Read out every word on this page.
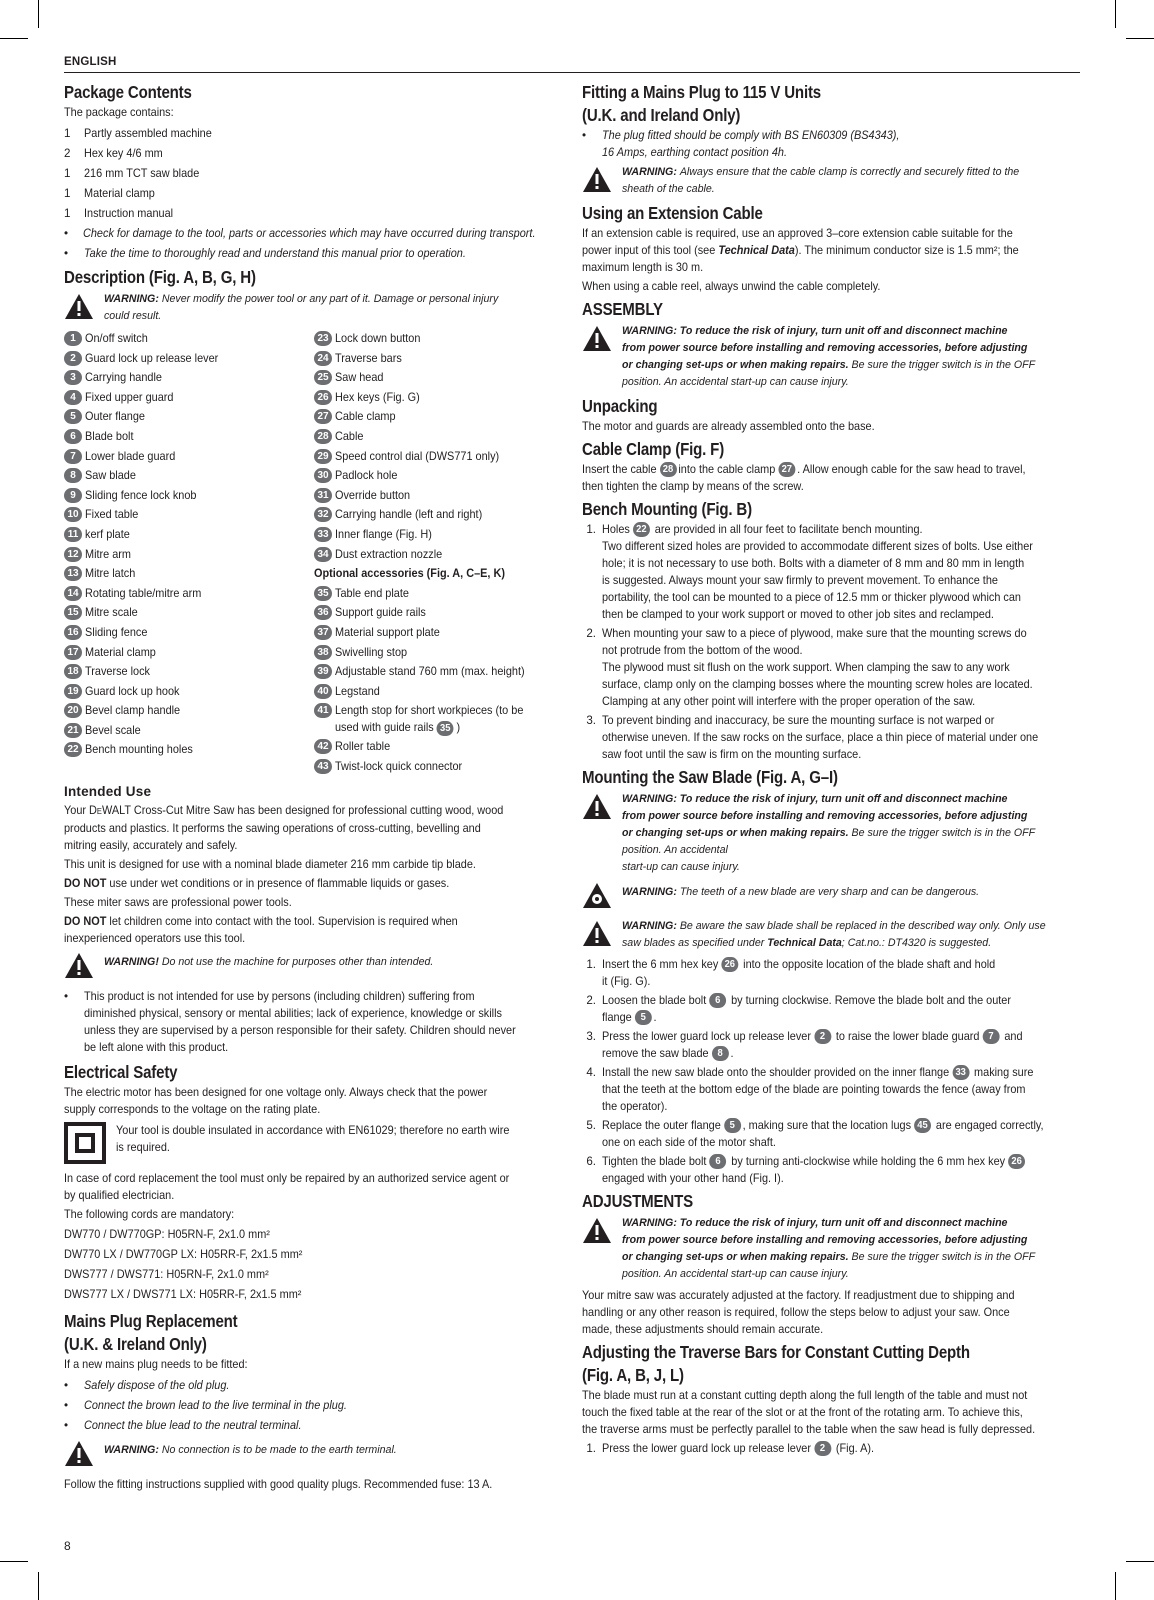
ENGLISH
Package Contents

The package contains:

1	Partly assembled machine
2	Hex key 4/6 mm
1	216 mm TCT saw blade
1	Material clamp
1	Instruction manual
•	Check for damage to the tool, parts or accessories which may have occurred during transport.
•	Take the time to thoroughly read and understand this manual prior to operation.
Description (Fig. A, B, G, H)
WARNING: Never modify the power tool or any part of it. Damage or personal injury
could result.
1 On/off switch
2 Guard lock up release lever
3 Carrying handle
4 Fixed upper guard
5 Outer flange
6 Blade bolt
7 Lower blade guard
8 Saw blade
9 Sliding fence lock knob
10 Fixed table
11 kerf plate
12 Mitre arm
13 Mitre latch
14 Rotating table/mitre arm
15 Mitre scale
16 Sliding fence
17 Material clamp
18 Traverse lock
19 Guard lock up hook
20 Bevel clamp handle
21 Bevel scale
22 Bench mounting holes
23 Lock down button
24 Traverse bars
25 Saw head
26 Hex keys (Fig. G)
27 Cable clamp
28 Cable
29 Speed control dial (DWS771 only)
30 Padlock hole
31 Override button
32 Carrying handle (left and right)
33 Inner flange (Fig. H)
34 Dust extraction nozzle
Optional accessories (Fig. A, C–E, K)
35 Table end plate
36 Support guide rails
37 Material support plate
38 Swivelling stop
39 Adjustable stand 760 mm (max. height)
40 Legstand
41 Length stop for short workpieces (to be
used with guide rails 35 )
42 Roller table
43 Twist-lock quick connector
Intended Use

Your DEWALT Cross-Cut Mitre Saw has been designed for professional cutting wood, wood
products and plastics. It performs the sawing operations of cross-cutting, bevelling and
mitring easily, accurately and safely.

This unit is designed for use with a nominal blade diameter 216 mm carbide tip blade.

DO NOT use under wet conditions or in presence of flammable liquids or gases.

These miter saws are professional power tools.

DO NOT let children come into contact with the tool. Supervision is required when
inexperienced operators use this tool.

WARNING! Do not use the machine for purposes other than intended.
•	This product is not intended for use by persons (including children) suffering from
diminished physical, sensory or mental abilities; lack of experience, knowledge or skills
unless they are supervised by a person responsible for their safety. Children should never
be left alone with this product.
Electrical Safety

The electric motor has been designed for one voltage only. Always check that the power
supply corresponds to the voltage on the rating plate.

Your tool is double insulated in accordance with EN61029; therefore no earth wire
is required.

In case of cord replacement the tool must only be repaired by an authorized service agent or
by qualified electrician.

The following cords are mandatory:

DW770 / DW770GP: H05RN-F, 2x1.0 mm²
DW770 LX / DW770GP LX: H05RR-F, 2x1.5 mm²
DWS777 / DWS771: H05RN-F, 2x1.0 mm²
DWS777 LX / DWS771 LX: H05RR-F, 2x1.5 mm²
Mains Plug Replacement
(U.K. & Ireland Only)

If a new mains plug needs to be fitted:

•	Safely dispose of the old plug.
•	Connect the brown lead to the live terminal in the plug.
•	Connect the blue lead to the neutral terminal.
WARNING: No connection is to be made to the earth terminal.

Follow the fitting instructions supplied with good quality plugs. Recommended fuse: 13 A.

Fitting a Mains Plug to 115 V Units
(U.K. and Ireland Only)
•	The plug fitted should be comply with BS EN60309 (BS4343),
16 Amps, earthing contact position 4h.
WARNING: Always ensure that the cable clamp is correctly and securely fitted to the
sheath of the cable.
Using an Extension Cable

If an extension cable is required, use an approved 3–core extension cable suitable for the
power input of this tool (see Technical Data). The minimum conductor size is 1.5 mm²; the
maximum length is 30 m.

When using a cable reel, always unwind the cable completely.

ASSEMBLY
WARNING: To reduce the risk of injury, turn unit off and disconnect machine
from power source before installing and removing accessories, before adjusting
or changing set-ups or when making repairs. Be sure the trigger switch is in the OFF
position. An accidental start-up can cause injury.
Unpacking

The motor and guards are already assembled onto the base.

Cable Clamp (Fig. F)

Insert the cable 28 into the cable clamp 27 . Allow enough cable for the saw head to travel,
then tighten the clamp by means of the screw.

Bench Mounting (Fig. B)
1. Holes 22 are provided in all four feet to facilitate bench mounting.
Two different sized holes are provided to accommodate different sizes of bolts. Use either
hole; it is not necessary to use both. Bolts with a diameter of 8 mm and 80 mm in length
is suggested. Always mount your saw firmly to prevent movement. To enhance the
portability, the tool can be mounted to a piece of 12.5 mm or thicker plywood which can
then be clamped to your work support or moved to other job sites and reclamped.
2. When mounting your saw to a piece of plywood, make sure that the mounting screws do
not protrude from the bottom of the wood.
The plywood must sit flush on the work support. When clamping the saw to any work
surface, clamp only on the clamping bosses where the mounting screw holes are located.
Clamping at any other point will interfere with the proper operation of the saw.
3. To prevent binding and inaccuracy, be sure the mounting surface is not warped or
otherwise uneven. If the saw rocks on the surface, place a thin piece of material under one
saw foot until the saw is firm on the mounting surface.
Mounting the Saw Blade (Fig. A, G–I)
WARNING: To reduce the risk of injury, turn unit off and disconnect machine
from power source before installing and removing accessories, before adjusting
or changing set-ups or when making repairs. Be sure the trigger switch is in the OFF
position. An accidental
start-up can cause injury.
WARNING: The teeth of a new blade are very sharp and can be dangerous.
WARNING: Be aware the saw blade shall be replaced in the described way only. Only use
saw blades as specified under Technical Data; Cat.no.: DT4320 is suggested.
1. Insert the 6 mm hex key 26 into the opposite location of the blade shaft and hold
it (Fig. G).
2. Loosen the blade bolt 6 by turning clockwise. Remove the blade bolt and the outer
flange 5 .
3. Press the lower guard lock up release lever 2 to raise the lower blade guard 7 and
remove the saw blade 8 .
4. Install the new saw blade onto the shoulder provided on the inner flange 33 making sure
that the teeth at the bottom edge of the blade are pointing towards the fence (away from
the operator).
5. Replace the outer flange 5 , making sure that the location lugs 45 are engaged correctly,
one on each side of the motor shaft.
6. Tighten the blade bolt 6 by turning anti-clockwise while holding the 6 mm hex key 26
engaged with your other hand (Fig. I).
ADJUSTMENTS
WARNING: To reduce the risk of injury, turn unit off and disconnect machine
from power source before installing and removing accessories, before adjusting
or changing set-ups or when making repairs. Be sure the trigger switch is in the OFF
position. An accidental start-up can cause injury.

Your mitre saw was accurately adjusted at the factory. If readjustment due to shipping and
handling or any other reason is required, follow the steps below to adjust your saw. Once
made, these adjustments should remain accurate.

Adjusting the Traverse Bars for Constant Cutting Depth
(Fig. A, B, J, L)

The blade must run at a constant cutting depth along the full length of the table and must not
touch the fixed table at the rear of the slot or at the front of the rotating arm. To achieve this,
the traverse arms must be perfectly parallel to the table when the saw head is fully depressed.

1. Press the lower guard lock up release lever 2 (Fig. A).
8
